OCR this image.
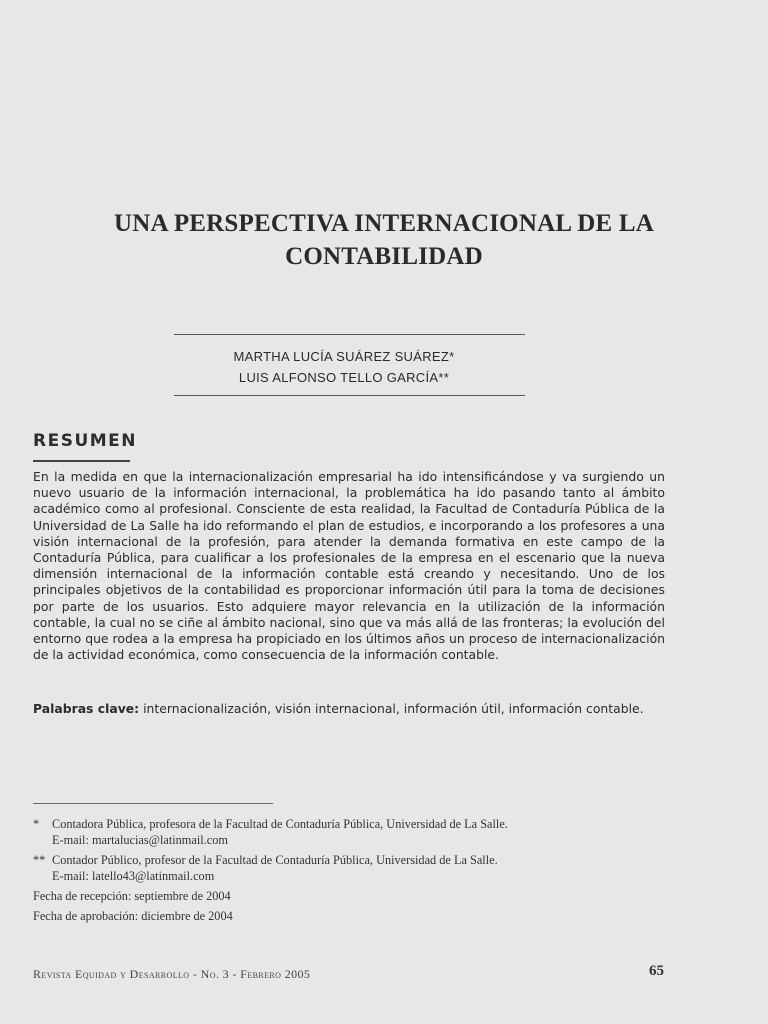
UNA PERSPECTIVA INTERNACIONAL DE LA
CONTABILIDAD
MARTHA LUCÍA SUÁREZ SUÁREZ*
LUIS ALFONSO TELLO GARCÍA**
RESUMEN
En la medida en que la internacionalización empresarial ha ido intensificándose y va surgiendo un nuevo usuario de la información internacional, la problemática ha ido pasando tanto al ámbito académico como al profesional. Consciente de esta realidad, la Facultad de Contaduría Pública de la Universidad de La Salle ha ido reformando el plan de estudios, e incorporando a los profesores a una visión internacional de la profesión, para atender la demanda formativa en este campo de la Contaduría Pública, para cualificar a los profesionales de la empresa en el escenario que la nueva dimensión internacional de la información contable está creando y necesitando. Uno de los principales objetivos de la contabilidad es proporcionar información útil para la toma de decisiones por parte de los usuarios. Esto adquiere mayor relevancia en la utilización de la información contable, la cual no se ciñe al ámbito nacional, sino que va más allá de las fronteras; la evolución del entorno que rodea a la empresa ha propiciado en los últimos años un proceso de internacionalización de la actividad económica, como consecuencia de la información contable.
Palabras clave: internacionalización, visión internacional, información útil, información contable.
*	Contadora Pública, profesora de la Facultad de Contaduría Pública, Universidad de La Salle.
E-mail: martalucias@latinmail.com
** Contador Público, profesor de la Facultad de Contaduría Pública, Universidad de La Salle.
E-mail: latello43@latinmail.com
Fecha de recepción: septiembre de 2004
Fecha de aprobación: diciembre de 2004
Revista Equidad y Desarrollo - No. 3 - Febrero 2005	65
